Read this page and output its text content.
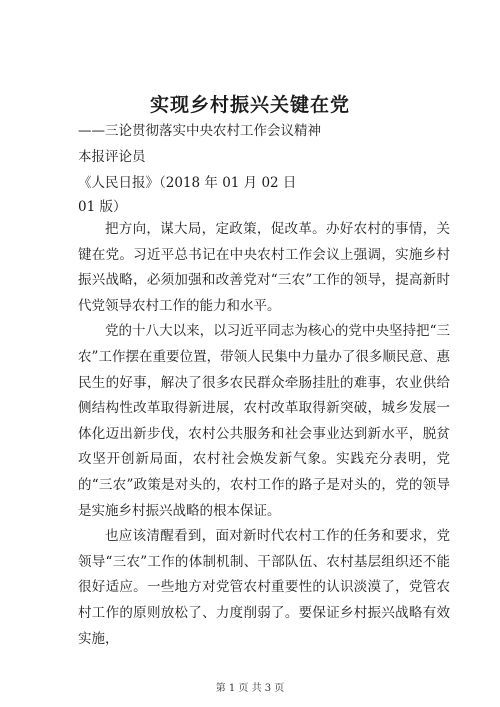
实现乡村振兴关键在党
——三论贯彻落实中央农村工作会议精神
本报评论员
《人民日报》（2018 年 01 月 02 日
01 版）

把方向，谋大局，定政策，促改革。办好农村的事情，关键在党。习近平总书记在中央农村工作会议上强调，实施乡村振兴战略，必须加强和改善党对“三农”工作的领导，提高新时代党领导农村工作的能力和水平。

党的十八大以来，以习近平同志为核心的党中央坚持把“三农”工作摆在重要位置，带领人民集中力量办了很多顺民意、惠民生的好事，解决了很多农民群众牵肠挂肚的难事，农业供给侧结构性改革取得新进展，农村改革取得新突破，城乡发展一体化迈出新步伐，农村公共服务和社会事业达到新水平，脱贫攻坚开创新局面，农村社会焕发新气象。实践充分表明，党的“三农”政策是对头的，农村工作的路子是对头的，党的领导是实施乡村振兴战略的根本保证。

也应该清醒看到，面对新时代农村工作的任务和要求，党领导“三农”工作的体制机制、干部队伍、农村基层组织还不能很好适应。一些地方对党管农村重要性的认识淡漠了，党管农村工作的原则放松了、力度削弱了。要保证乡村振兴战略有效实施，

第 1 页 共 3 页
